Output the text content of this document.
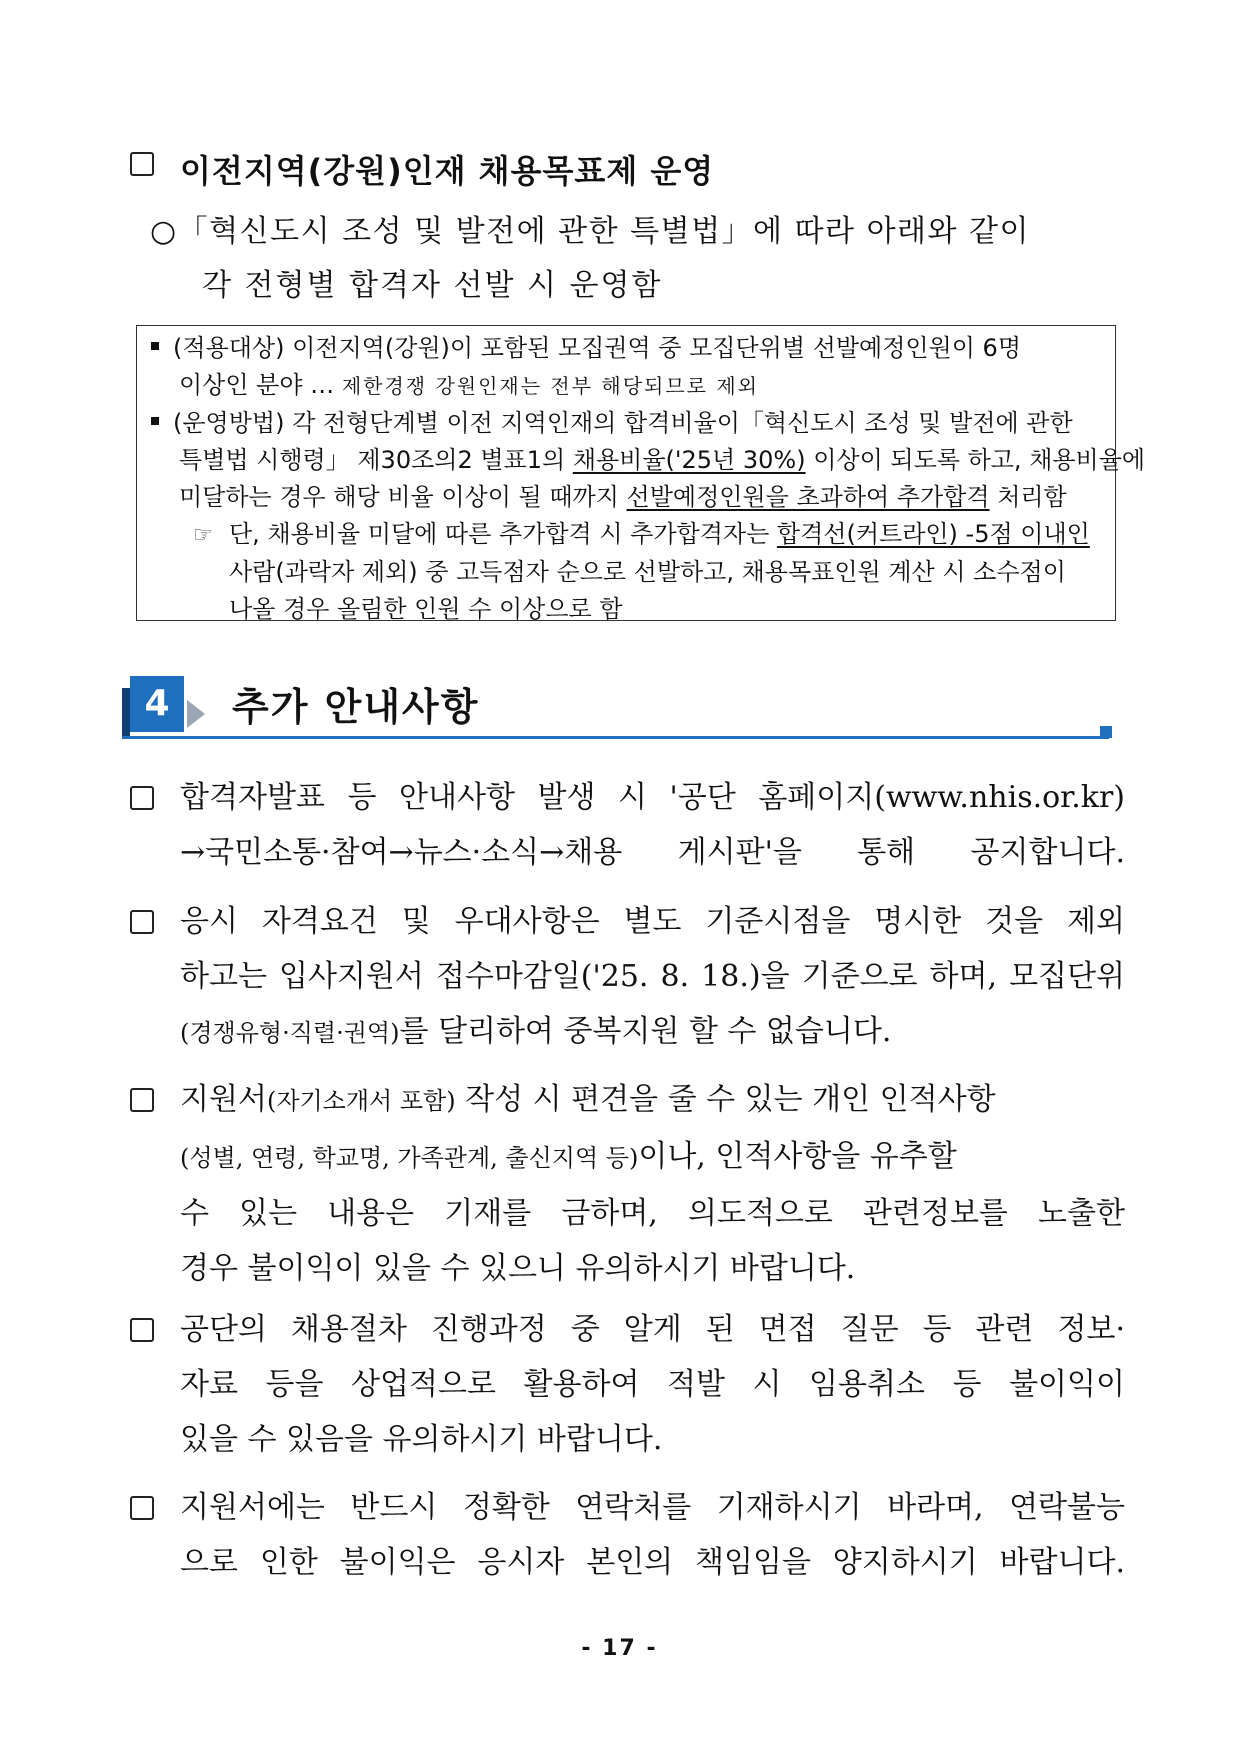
이전지역(강원)인재 채용목표제 운영
○「혁신도시 조성 및 발전에 관한 특별법」에 따라 아래와 같이
각 전형별 합격자 선발 시 운영함
(적용대상) 이전지역(강원)이 포함된 모집권역 중 모집단위별 선발예정인원이 6명
이상인 분야 … 제한경쟁 강원인재는 전부 해당되므로 제외
(운영방법) 각 전형단계별 이전 지역인재의 합격비율이「혁신도시 조성 및 발전에 관한
특별법 시행령」 제30조의2 별표1의 채용비율('25년 30%) 이상이 되도록 하고, 채용비율에
미달하는 경우 해당 비율 이상이 될 때까지 선발예정인원을 초과하여 추가합격 처리함
☞ 단, 채용비율 미달에 따른 추가합격 시 추가합격자는 합격선(커트라인) -5점 이내인
사람(과락자 제외) 중 고득점자 순으로 선발하고, 채용목표인원 계산 시 소수점이
나올 경우 올림한 인원 수 이상으로 함
4	추가 안내사항
합격자발표 등 안내사항 발생 시 '공단 홈페이지(www.nhis.or.kr)
→국민소통·참여→뉴스·소식→채용 게시판'을 통해 공지합니다.
응시 자격요건 및 우대사항은 별도 기준시점을 명시한 것을 제외
하고는 입사지원서 접수마감일('25. 8. 18.)을 기준으로 하며, 모집단위
(경쟁유형·직렬·권역)를 달리하여 중복지원 할 수 없습니다.
지원서(자기소개서 포함) 작성 시 편견을 줄 수 있는 개인 인적사항
(성별, 연령, 학교명, 가족관계, 출신지역 등)이나, 인적사항을 유추할
수 있는 내용은 기재를 금하며, 의도적으로 관련정보를 노출한
경우 불이익이 있을 수 있으니 유의하시기 바랍니다.
공단의 채용절차 진행과정 중 알게 된 면접 질문 등 관련 정보·
자료 등을 상업적으로 활용하여 적발 시 임용취소 등 불이익이
있을 수 있음을 유의하시기 바랍니다.
지원서에는 반드시 정확한 연락처를 기재하시기 바라며, 연락불능
으로 인한 불이익은 응시자 본인의 책임임을 양지하시기 바랍니다.
- 17 -
